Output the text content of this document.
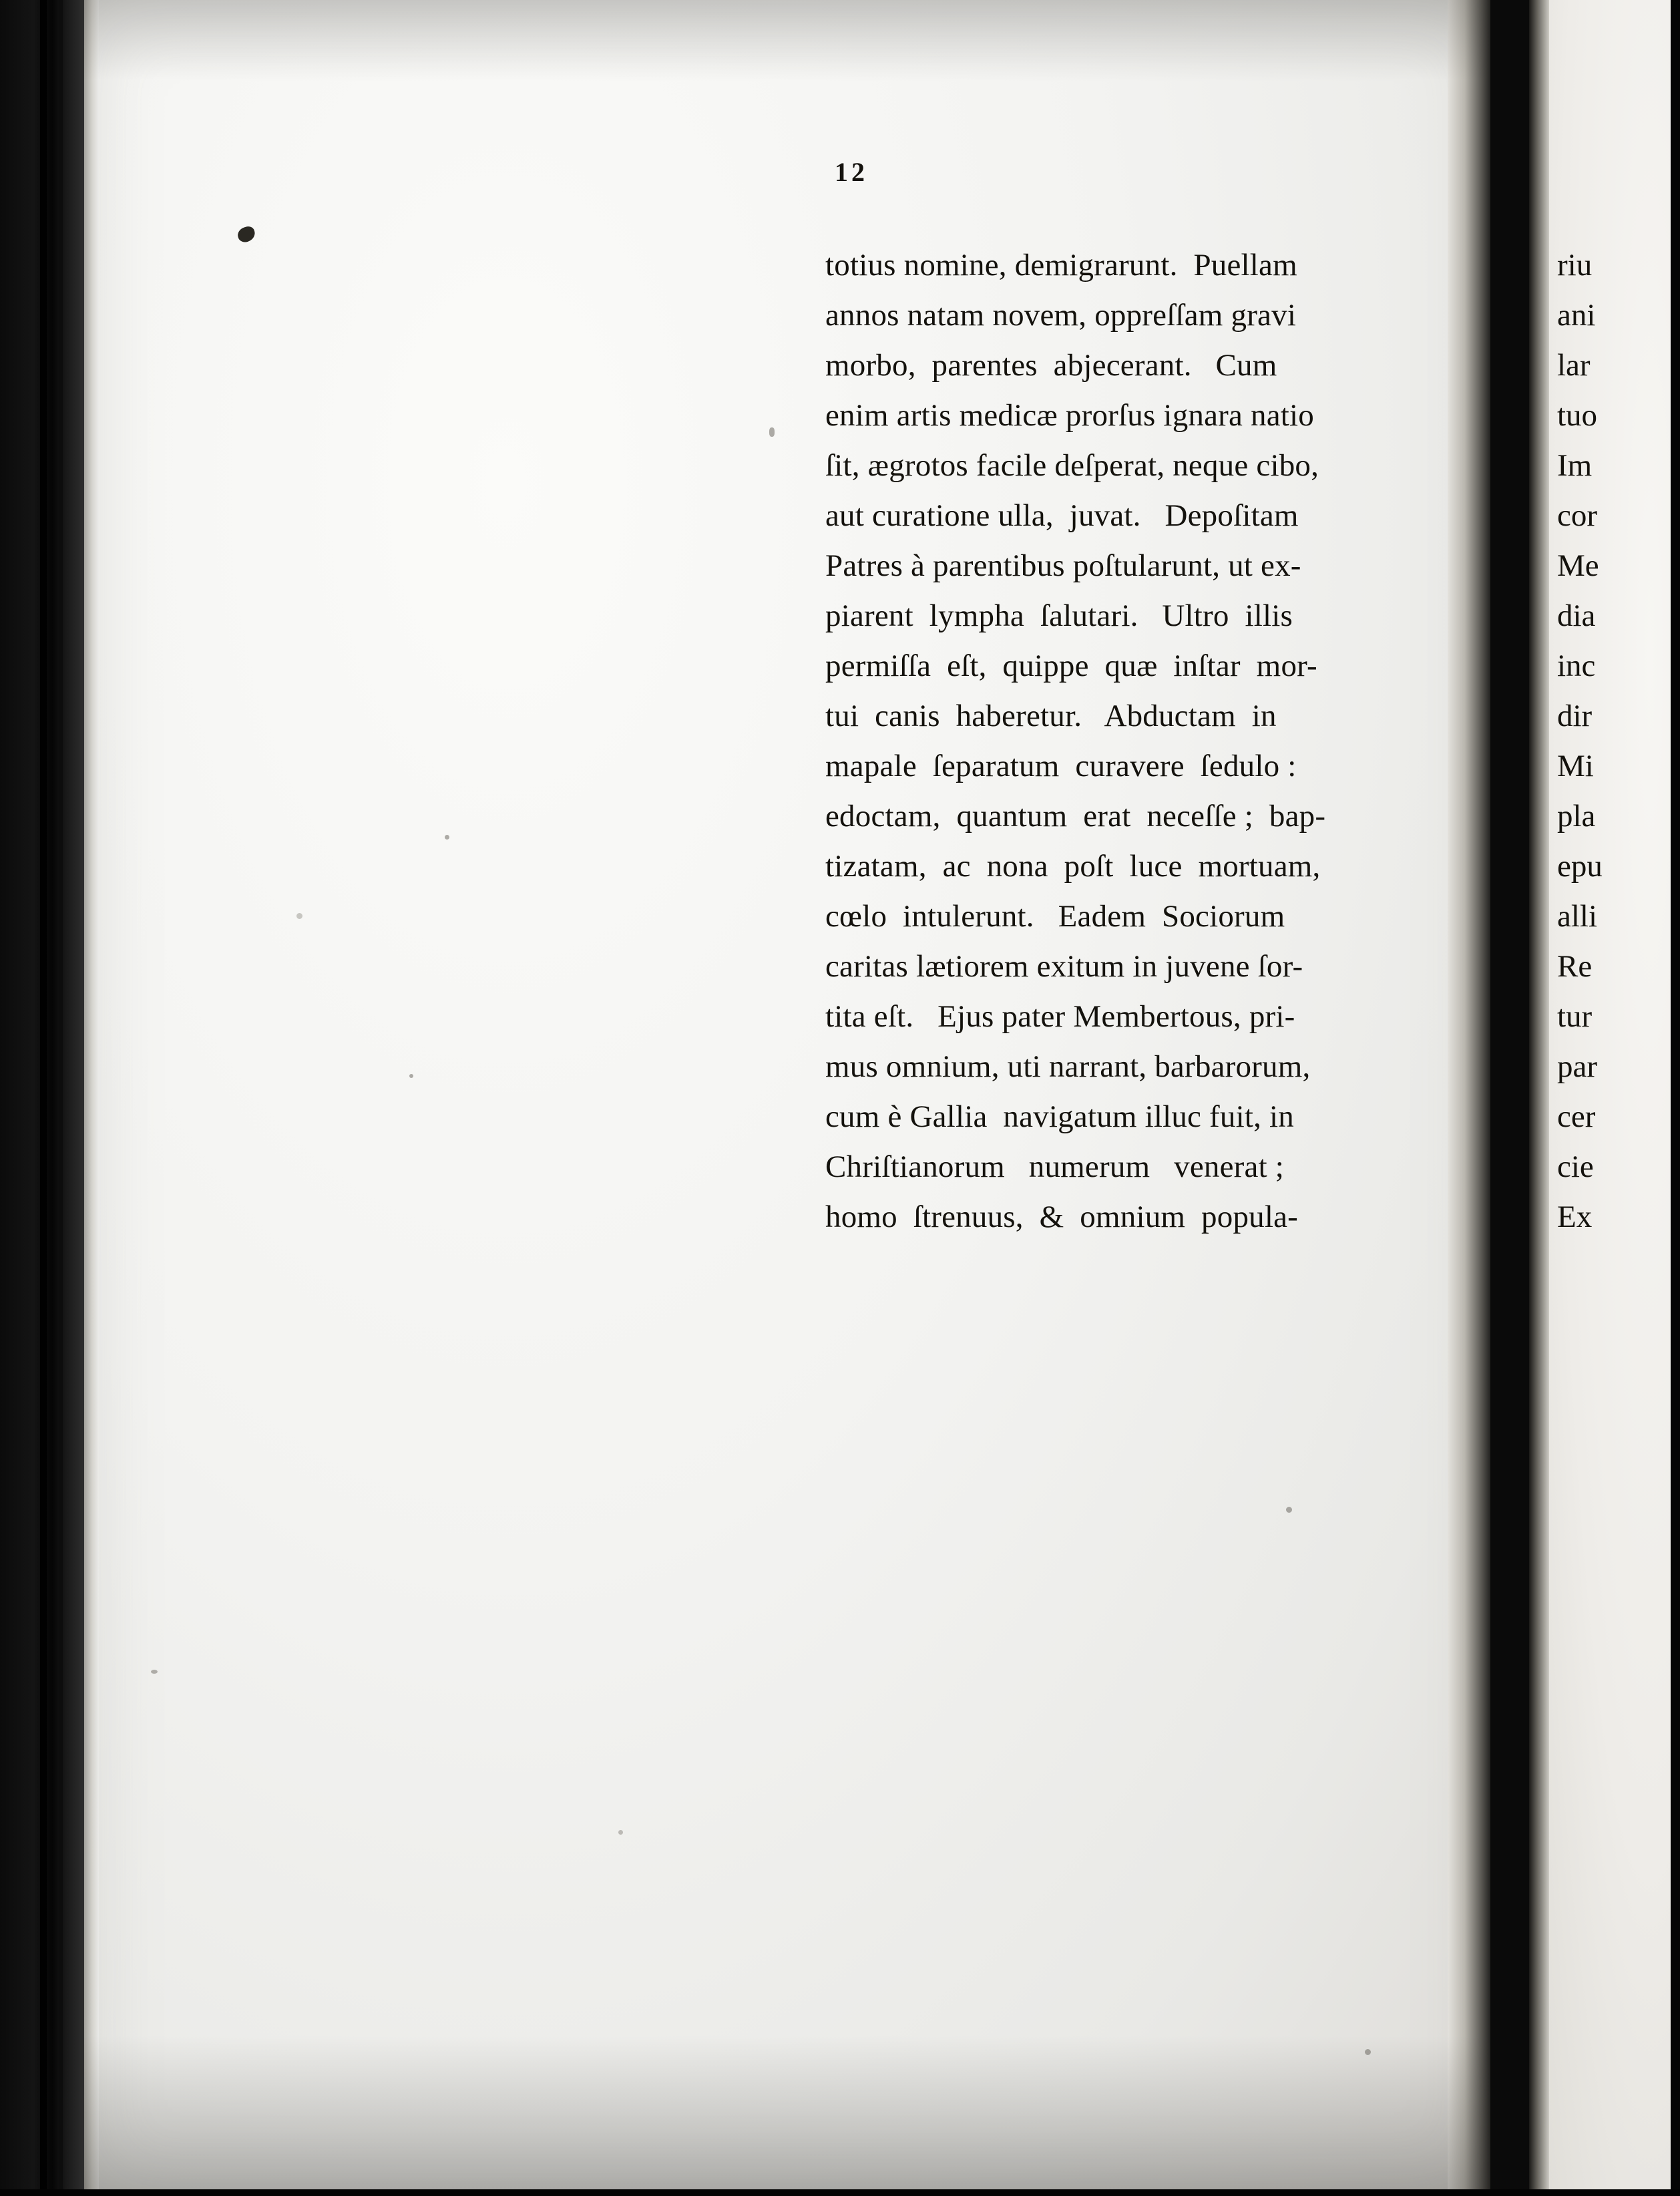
12
totius nomine, demigrarunt.  Puellam
annos natam novem, oppreſſam gravi
morbo,  parentes  abjecerant.   Cum
enim artis medicæ prorſus ignara natio
ſit, ægrotos facile deſperat, neque cibo,
aut curatione ulla,  juvat.   Depoſitam
Patres à parentibus poſtularunt, ut ex-
piarent  lympha  ſalutari.   Ultro  illis
permiſſa  eſt,  quippe  quæ  inſtar  mor-
tui  canis  haberetur.   Abductam  in
mapale  ſeparatum  curavere  ſedulo :
edoctam,  quantum  erat  neceſſe ;  bap-
tizatam,  ac  nona  poſt  luce  mortuam,
cœlo  intulerunt.   Eadem  Sociorum
caritas lætiorem exitum in juvene ſor-
tita eſt.   Ejus pater Membertous, pri-
mus omnium, uti narrant, barbarorum,
cum è Gallia  navigatum illuc fuit, in
Chriſtianorum   numerum   venerat ;
homo  ſtrenuus,  &  omnium  popula-
riu
ani
lar
tuo
Im
cor
Me
dia
inc
dir
Mi
pla
epu
alli
Re
tur
par
cer
cie
Ex
